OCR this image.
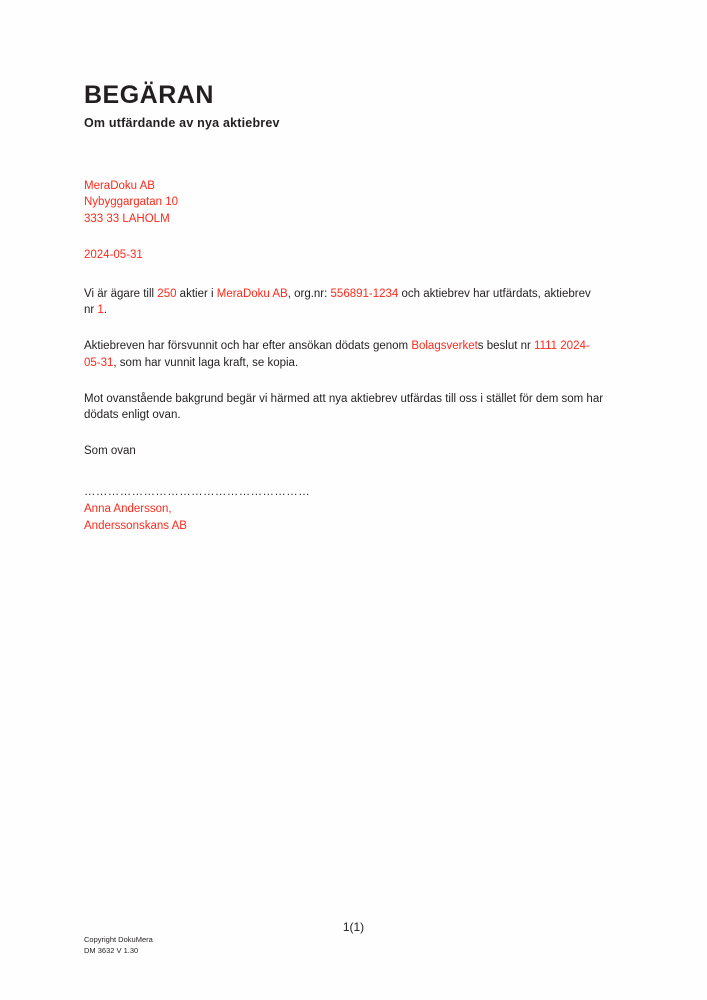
BEGÄRAN
Om utfärdande av nya aktiebrev
MeraDoku AB
Nybyggargatan 10
333 33 LAHOLM
2024-05-31

Vi är ägare till 250 aktier i MeraDoku AB, org.nr: 556891-1234 och aktiebrev har utfärdats, aktiebrev nr 1.

Aktiebreven har försvunnit och har efter ansökan dödats genom Bolagsverkets beslut nr 1111 2024-05-31, som har vunnit laga kraft, se kopia.

Mot ovanstående bakgrund begär vi härmed att nya aktiebrev utfärdas till oss i stället för dem som har dödats enligt ovan.

Som ovan

…………………………………………………
Anna Andersson,
Anderssonskans AB
1(1)
Copyright DokuMera
DM 3632 V 1.30
